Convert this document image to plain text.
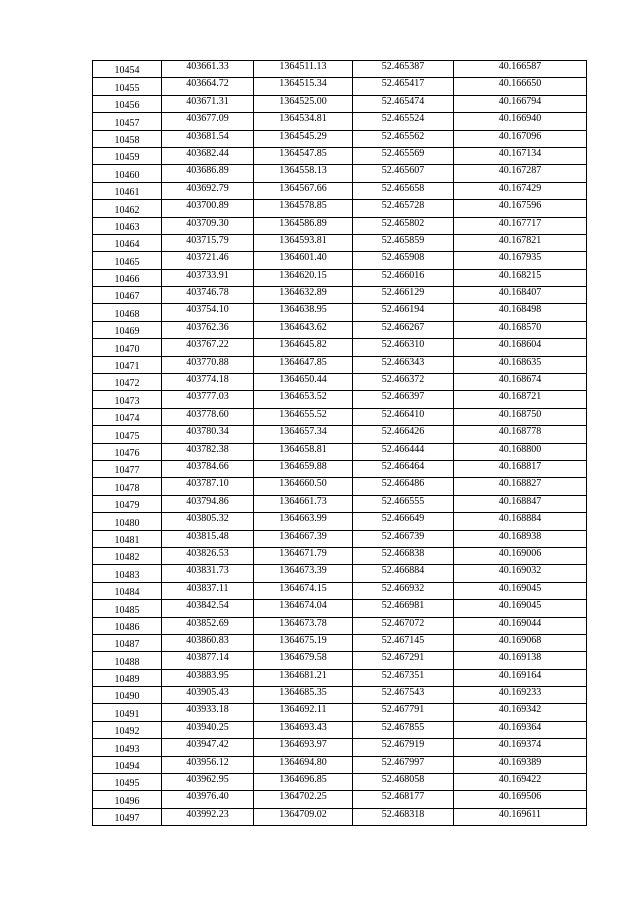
10454	403661.33	1364511.13	52.465387	40.166587
10455	403664.72	1364515.34	52.465417	40.166650
10456	403671.31	1364525.00	52.465474	40.166794
10457	403677.09	1364534.81	52.465524	40.166940
10458	403681.54	1364545.29	52.465562	40.167096
10459	403682.44	1364547.85	52.465569	40.167134
10460	403686.89	1364558.13	52.465607	40.167287
10461	403692.79	1364567.66	52.465658	40.167429
10462	403700.89	1364578.85	52.465728	40.167596
10463	403709.30	1364586.89	52.465802	40.167717
10464	403715.79	1364593.81	52.465859	40.167821
10465	403721.46	1364601.40	52.465908	40.167935
10466	403733.91	1364620.15	52.466016	40.168215
10467	403746.78	1364632.89	52.466129	40.168407
10468	403754.10	1364638.95	52.466194	40.168498
10469	403762.36	1364643.62	52.466267	40.168570
10470	403767.22	1364645.82	52.466310	40.168604
10471	403770.88	1364647.85	52.466343	40.168635
10472	403774.18	1364650.44	52.466372	40.168674
10473	403777.03	1364653.52	52.466397	40.168721
10474	403778.60	1364655.52	52.466410	40.168750
10475	403780.34	1364657.34	52.466426	40.168778
10476	403782.38	1364658.81	52.466444	40.168800
10477	403784.66	1364659.88	52.466464	40.168817
10478	403787.10	1364660.50	52.466486	40.168827
10479	403794.86	1364661.73	52.466555	40.168847
10480	403805.32	1364663.99	52.466649	40.168884
10481	403815.48	1364667.39	52.466739	40.168938
10482	403826.53	1364671.79	52.466838	40.169006
10483	403831.73	1364673.39	52.466884	40.169032
10484	403837.11	1364674.15	52.466932	40.169045
10485	403842.54	1364674.04	52.466981	40.169045
10486	403852.69	1364673.78	52.467072	40.169044
10487	403860.83	1364675.19	52.467145	40.169068
10488	403877.14	1364679.58	52.467291	40.169138
10489	403883.95	1364681.21	52.467351	40.169164
10490	403905.43	1364685.35	52.467543	40.169233
10491	403933.18	1364692.11	52.467791	40.169342
10492	403940.25	1364693.43	52.467855	40.169364
10493	403947.42	1364693.97	52.467919	40.169374
10494	403956.12	1364694.80	52.467997	40.169389
10495	403962.95	1364696.85	52.468058	40.169422
10496	403976.40	1364702.25	52.468177	40.169506
10497	403992.23	1364709.02	52.468318	40.169611
